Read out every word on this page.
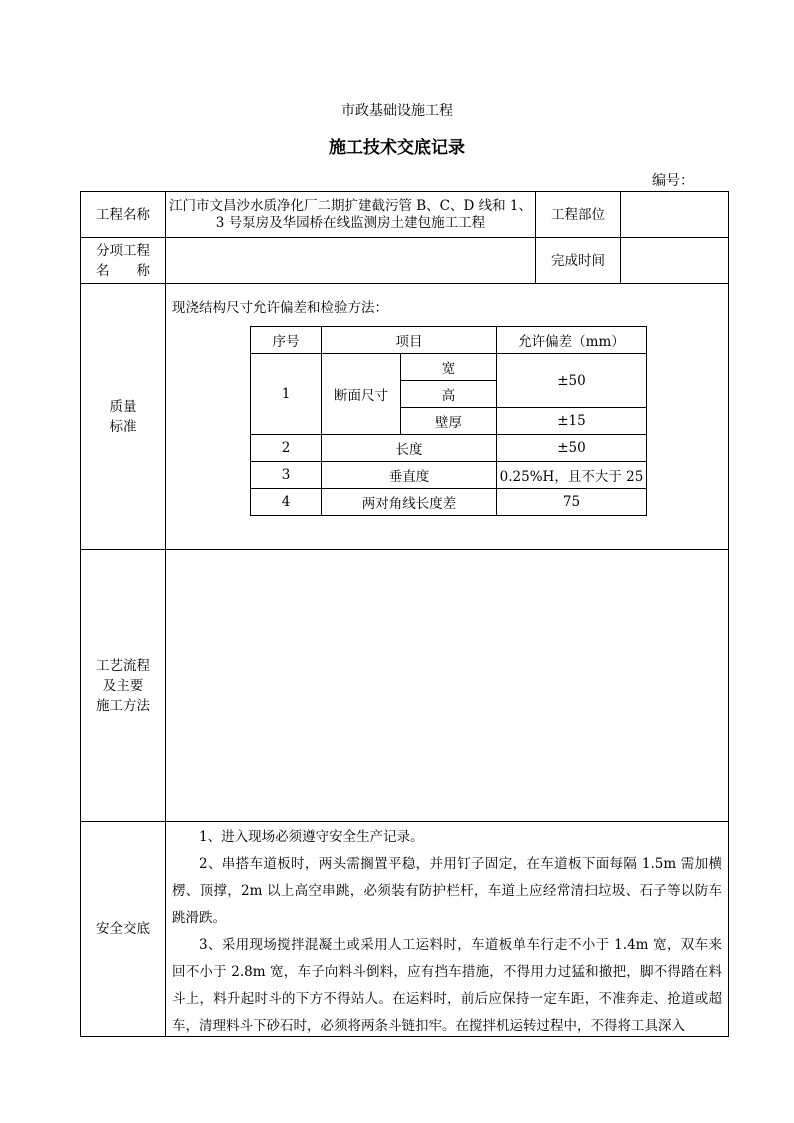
市政基础设施工程
施工技术交底记录
编号：
工程名称	
江门市文昌沙水质净化厂二期扩建截污管 B、C、D 线和 1、
3 号泵房及华园桥在线监测房土建包施工工程	工程部位	

分项工程
名　　称
		完成时间	

质量
标准

现浇结构尺寸允许偏差和检验方法：
序号	项目	允许偏差（mm）
1	断面尺寸	宽	±50
高
壁厚	±15
2	长度	±50
3	垂直度	0.25%H，且不大于 25
4	两对角线长度差	75

工艺流程
及主要
施工方法

安全交底	

1、进入现场必须遵守安全生产记录。

2、串搭车道板时，两头需搁置平稳，并用钉子固定，在车道板下面每隔 1.5m 需加横楞、顶撑，2m 以上高空串跳，必须装有防护栏杆，车道上应经常清扫垃圾、石子等以防车跳滑跌。

3、采用现场搅拌混凝土或采用人工运料时，车道板单车行走不小于 1.4m 宽，双车来回不小于 2.8m 宽，车子向料斗倒料，应有挡车措施，不得用力过猛和撤把，脚不得踏在料斗上，料升起时斗的下方不得站人。在运料时，前后应保持一定车距，不准奔走、抢道或超车，清理料斗下砂石时，必须将两条斗链扣牢。在搅拌机运转过程中，不得将工具深入
